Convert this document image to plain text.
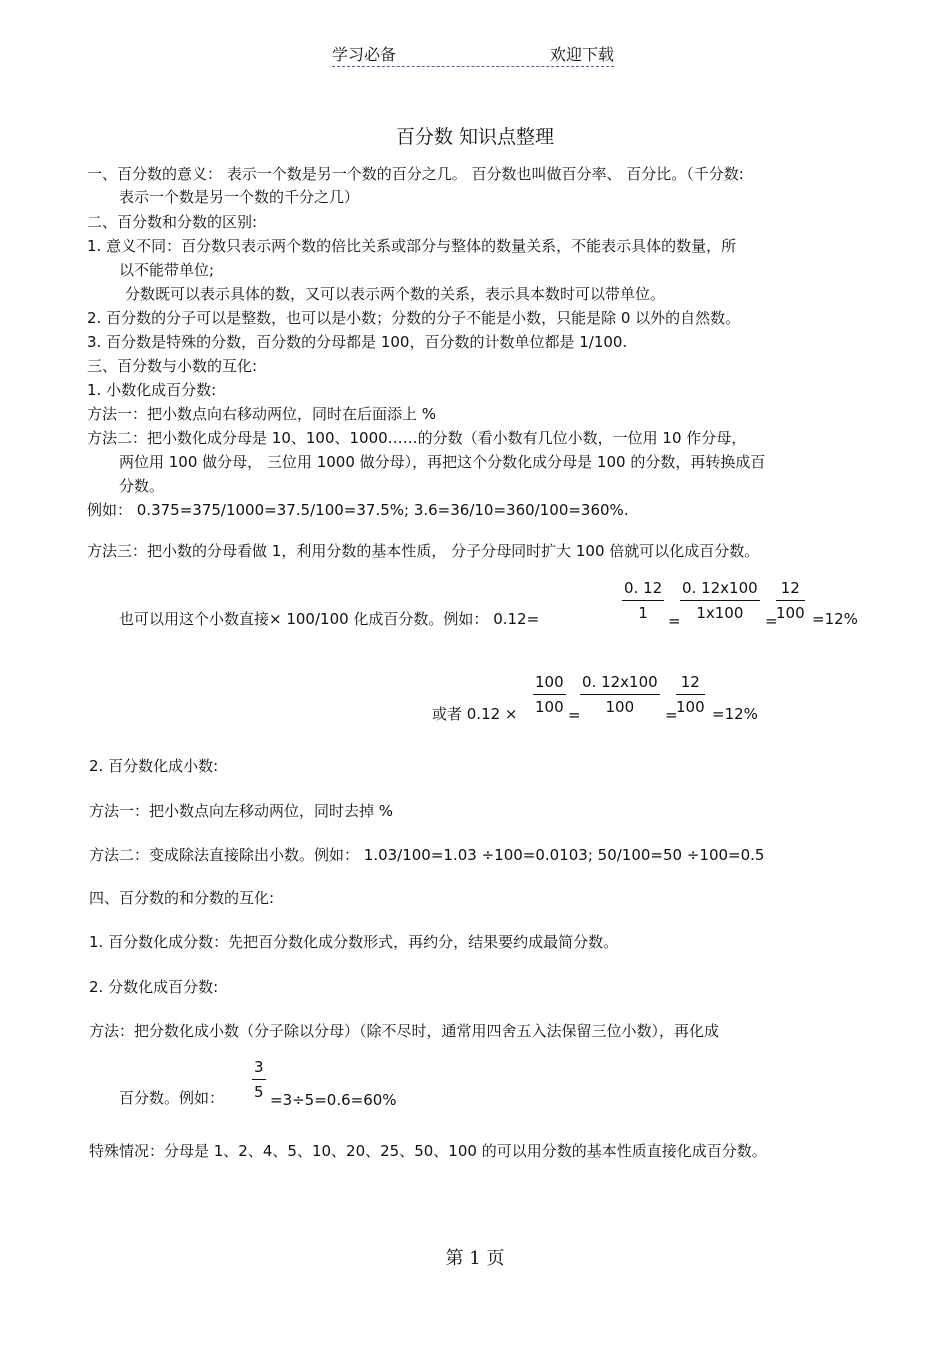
学习必备	欢迎下载
百分数 知识点整理
一、百分数的意义： 表示一个数是另一个数的百分之几。 百分数也叫做百分率、 百分比。（千分数:
表示一个数是另一个数的千分之几）
二、百分数和分数的区别:
1. 意义不同：百分数只表示两个数的倍比关系或部分与整体的数量关系，不能表示具体的数量，所
以不能带单位;
分数既可以表示具体的数，又可以表示两个数的关系，表示具本数时可以带单位。
2. 百分数的分子可以是整数，也可以是小数；分数的分子不能是小数，只能是除 0 以外的自然数。
3. 百分数是特殊的分数，百分数的分母都是 100，百分数的计数单位都是 1/100.
三、百分数与小数的互化:
1. 小数化成百分数:
方法一：把小数点向右移动两位，同时在后面添上 %
方法二：把小数化成分母是 10、100、1000……的分数（看小数有几位小数，一位用 10 作分母，
两位用 100 做分母， 三位用 1000 做分母），再把这个分数化成分母是 100 的分数，再转换成百
分数。
例如： 0.375=375/1000=37.5/100=37.5%; 3.6=36/10=360/100=360%.
方法三：把小数的分母看做 1，利用分数的基本性质， 分子分母同时扩大 100 倍就可以化成百分数。
也可以用这个小数直接× 100/100 化成百分数。例如： 0.12=	$\frac{0. 12}{1} = \frac{0. 12x100}{1x100}$ =
$\frac{12}{100} =12\%$
或者 $0.12 \times \frac{100}{100} = \frac{0. 12x100}{100}$ =
$\frac{12}{100} =12\%$
2. 百分数化成小数:
方法一：把小数点向左移动两位，同时去掉 %
方法二：变成除法直接除出小数。例如： 1.03/100=1.03 ÷100=0.0103; 50/100=50 ÷100=0.5
四、百分数的和分数的互化:
1. 百分数化成分数：先把百分数化成分数形式，再约分，结果要约成最简分数。
2. 分数化成百分数:
方法：把分数化成小数（分子除以分母）（除不尽时，通常用四舍五入法保留三位小数），再化成
百分数。例如： $\frac{3}{5} =3\div 5=0.6=60\%$
特殊情况：分母是 1、2、4、5、10、20、25、50、100 的可以用分数的基本性质直接化成百分数。
第 1 页
